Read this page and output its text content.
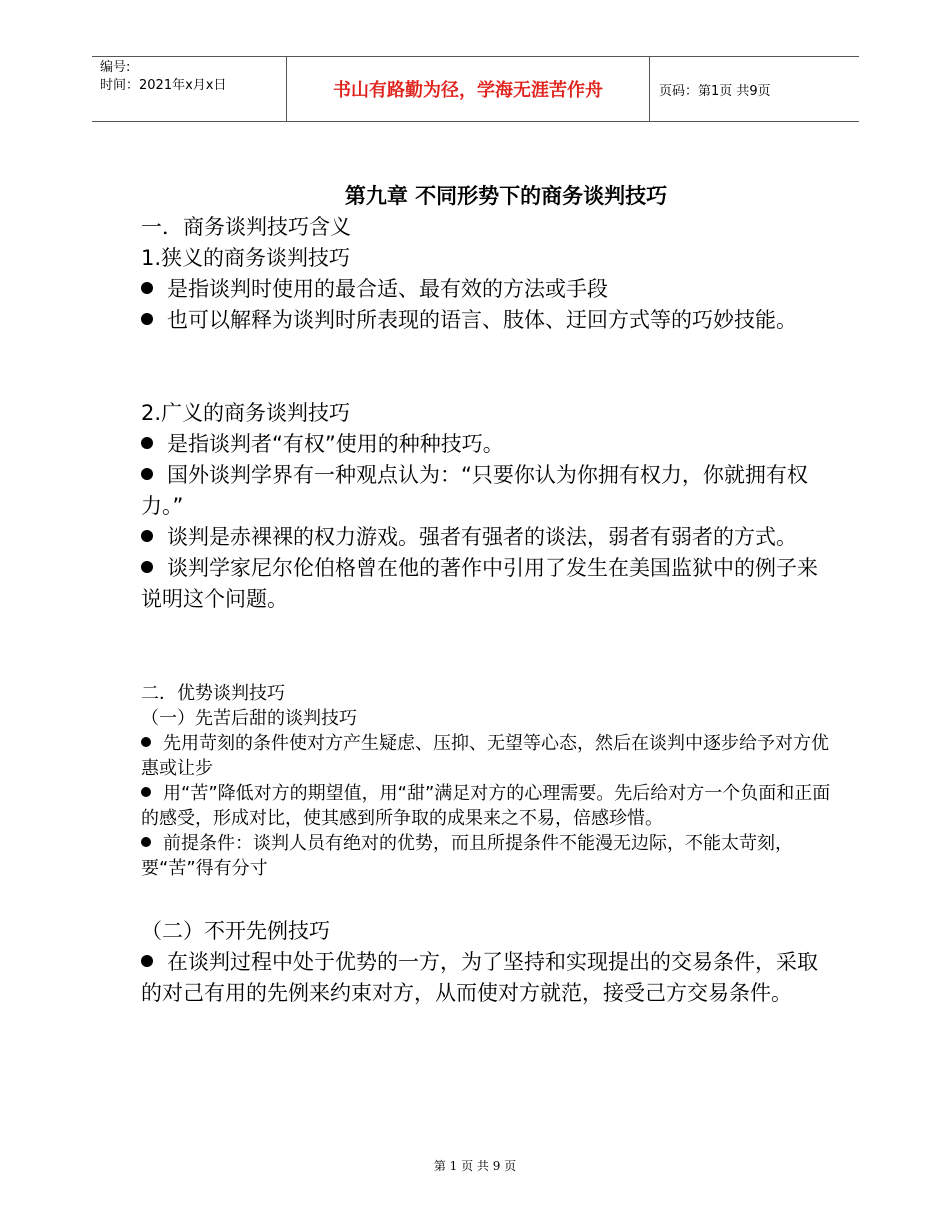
编号:
时间：2021年x月x日	书山有路勤为径，学海无涯苦作舟	页码：第1页 共9页
第九章 不同形势下的商务谈判技巧
一．商务谈判技巧含义
1.狭义的商务谈判技巧
是指谈判时使用的最合适、最有效的方法或手段
也可以解释为谈判时所表现的语言、肢体、迂回方式等的巧妙技能。
2.广义的商务谈判技巧
是指谈判者“有权”使用的种种技巧。
国外谈判学界有一种观点认为：“只要你认为你拥有权力，你就拥有权力。”
谈判是赤裸裸的权力游戏。强者有强者的谈法，弱者有弱者的方式。
谈判学家尼尔伦伯格曾在他的著作中引用了发生在美国监狱中的例子来说明这个问题。
二．优势谈判技巧
（一）先苦后甜的谈判技巧
先用苛刻的条件使对方产生疑虑、压抑、无望等心态，然后在谈判中逐步给予对方优惠或让步
用“苦”降低对方的期望值，用“甜”满足对方的心理需要。先后给对方一个负面和正面的感受，形成对比，使其感到所争取的成果来之不易，倍感珍惜。
前提条件：谈判人员有绝对的优势，而且所提条件不能漫无边际，不能太苛刻，要“苦”得有分寸
（二）不开先例技巧
在谈判过程中处于优势的一方，为了坚持和实现提出的交易条件，采取的对己有用的先例来约束对方，从而使对方就范，接受己方交易条件。
第 1 页 共 9 页
